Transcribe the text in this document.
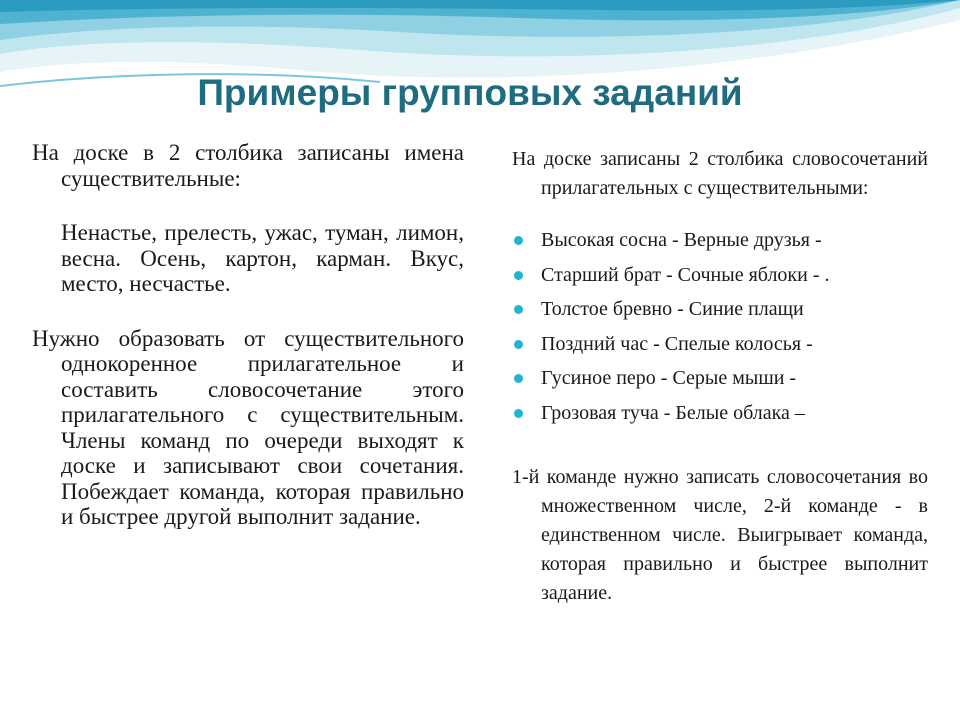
Примеры групповых заданий

На доске в 2 столбика записаны имена существительные:

Ненастье, прелесть, ужас, туман, лимон, весна. Осень, картон, карман. Вкус, место, несчастье.

Нужно образовать от существительного однокоренное прилагательное и составить словосочетание этого прилагательного с существительным. Члены команд по очереди выходят к доске и записывают свои сочетания. Побеждает команда, которая правильно и быстрее другой выполнит задание.

На доске записаны 2 столбика словосочетаний прилагательных с существительными:

Высокая сосна - Верные друзья -
Старший брат - Сочные яблоки - .
Толстое бревно - Синие плащи
Поздний час - Спелые колосья -
Гусиное перо - Серые мыши -
Грозовая туча - Белые облака –

1-й команде нужно записать словосочетания во множественном числе, 2-й команде - в единственном числе. Выигрывает команда, которая правильно и быстрее выполнит задание.
